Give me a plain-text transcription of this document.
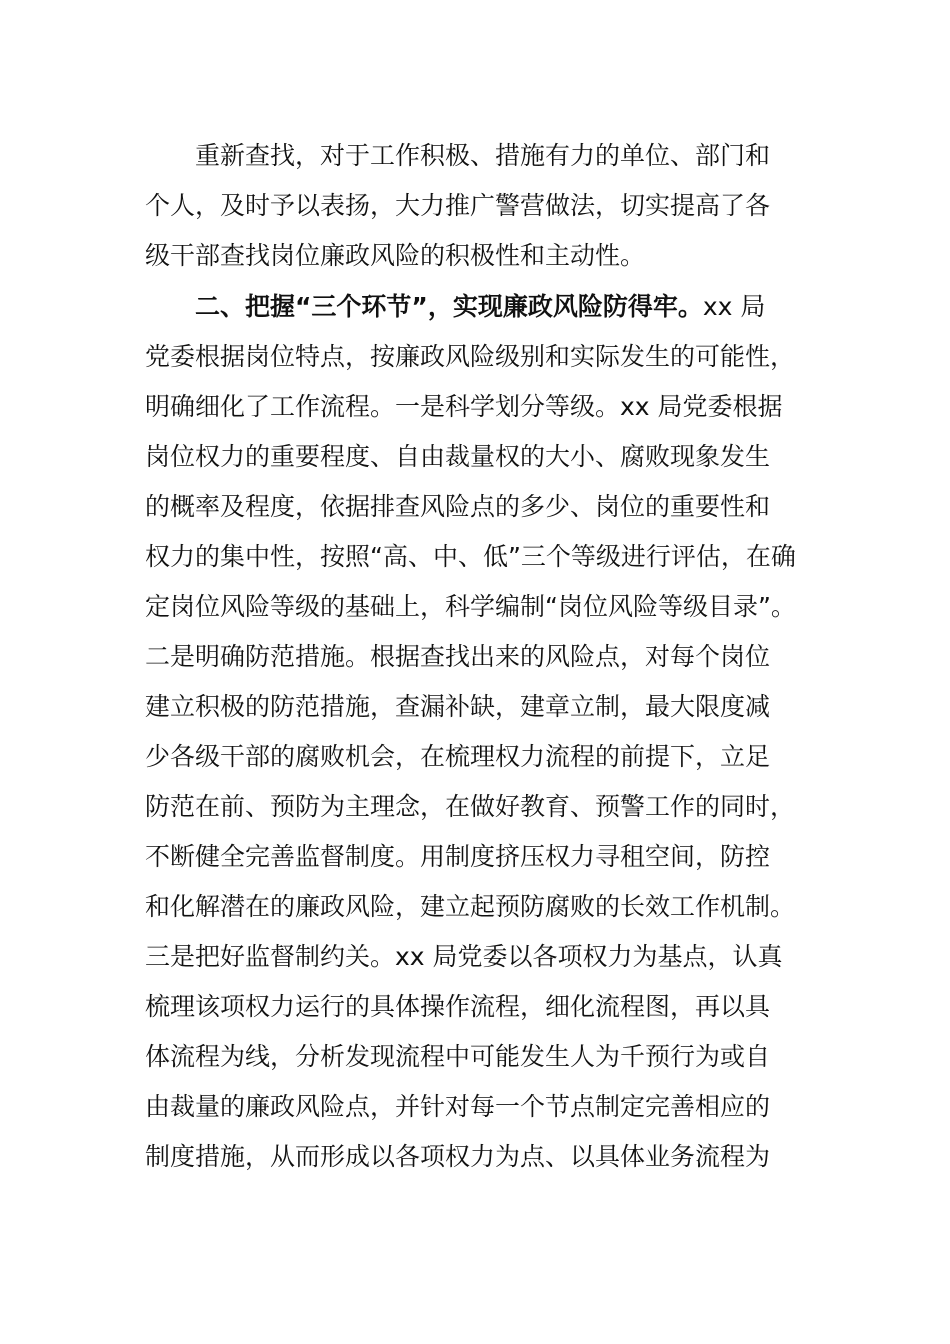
重新查找，对于工作积极、措施有力的单位、部门和
个人，及时予以表扬，大力推广警营做法，切实提高了各
级干部查找岗位廉政风险的积极性和主动性。
二、把握“三个环节”，实现廉政风险防得牢。xx 局
党委根据岗位特点，按廉政风险级别和实际发生的可能性，
明确细化了工作流程。一是科学划分等级。xx 局党委根据
岗位权力的重要程度、自由裁量权的大小、腐败现象发生
的概率及程度，依据排查风险点的多少、岗位的重要性和
权力的集中性，按照“高、中、低”三个等级进行评估，在确
定岗位风险等级的基础上，科学编制“岗位风险等级目录”。
二是明确防范措施。根据查找出来的风险点，对每个岗位
建立积极的防范措施，查漏补缺，建章立制，最大限度减
少各级干部的腐败机会，在梳理权力流程的前提下，立足
防范在前、预防为主理念，在做好教育、预警工作的同时，
不断健全完善监督制度。用制度挤压权力寻租空间，防控
和化解潜在的廉政风险，建立起预防腐败的长效工作机制。
三是把好监督制约关。xx 局党委以各项权力为基点，认真
梳理该项权力运行的具体操作流程，细化流程图，再以具
体流程为线，分析发现流程中可能发生人为千预行为或自
由裁量的廉政风险点，并针对每一个节点制定完善相应的
制度措施，从而形成以各项权力为点、以具体业务流程为
